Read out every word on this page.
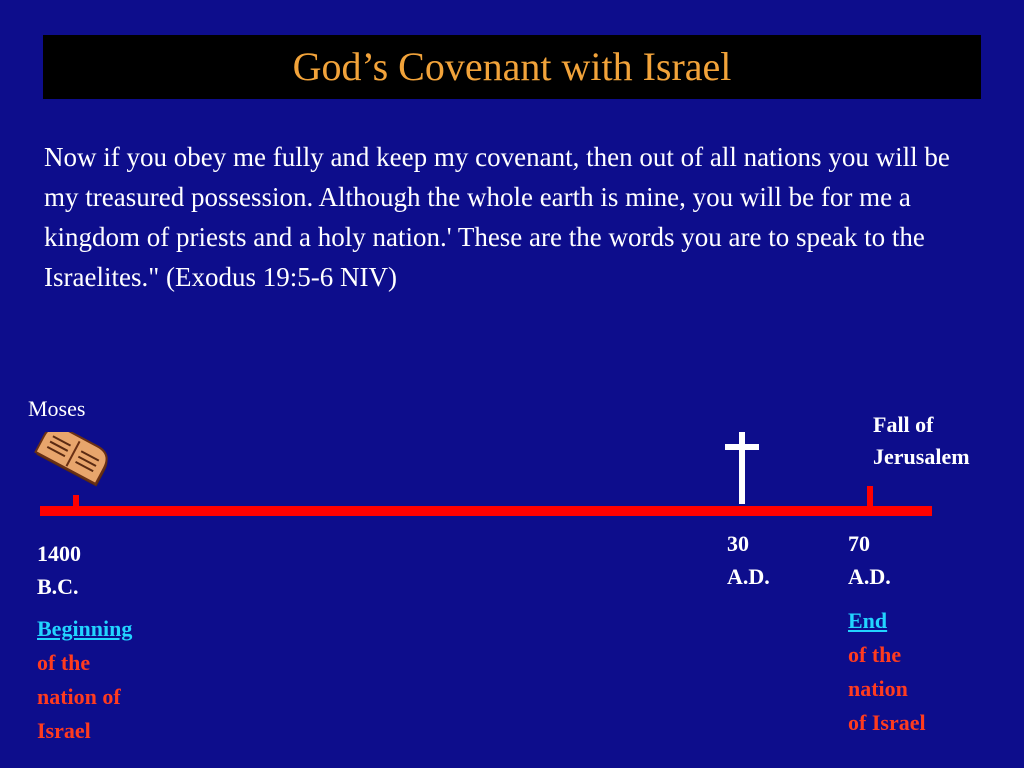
God’s Covenant with Israel
Now if you obey me fully and keep my covenant, then out of all nations you will be my treasured possession. Although the whole earth is mine, you will be for me a kingdom of priests and a holy nation.' These are the words you are to speak to the Israelites." (Exodus 19:5-6 NIV)
Moses
Fall of
Jerusalem
1400
B.C.
30
A.D.
70
A.D.
Beginning
of the
nation of
Israel
End
of the
nation
of Israel
